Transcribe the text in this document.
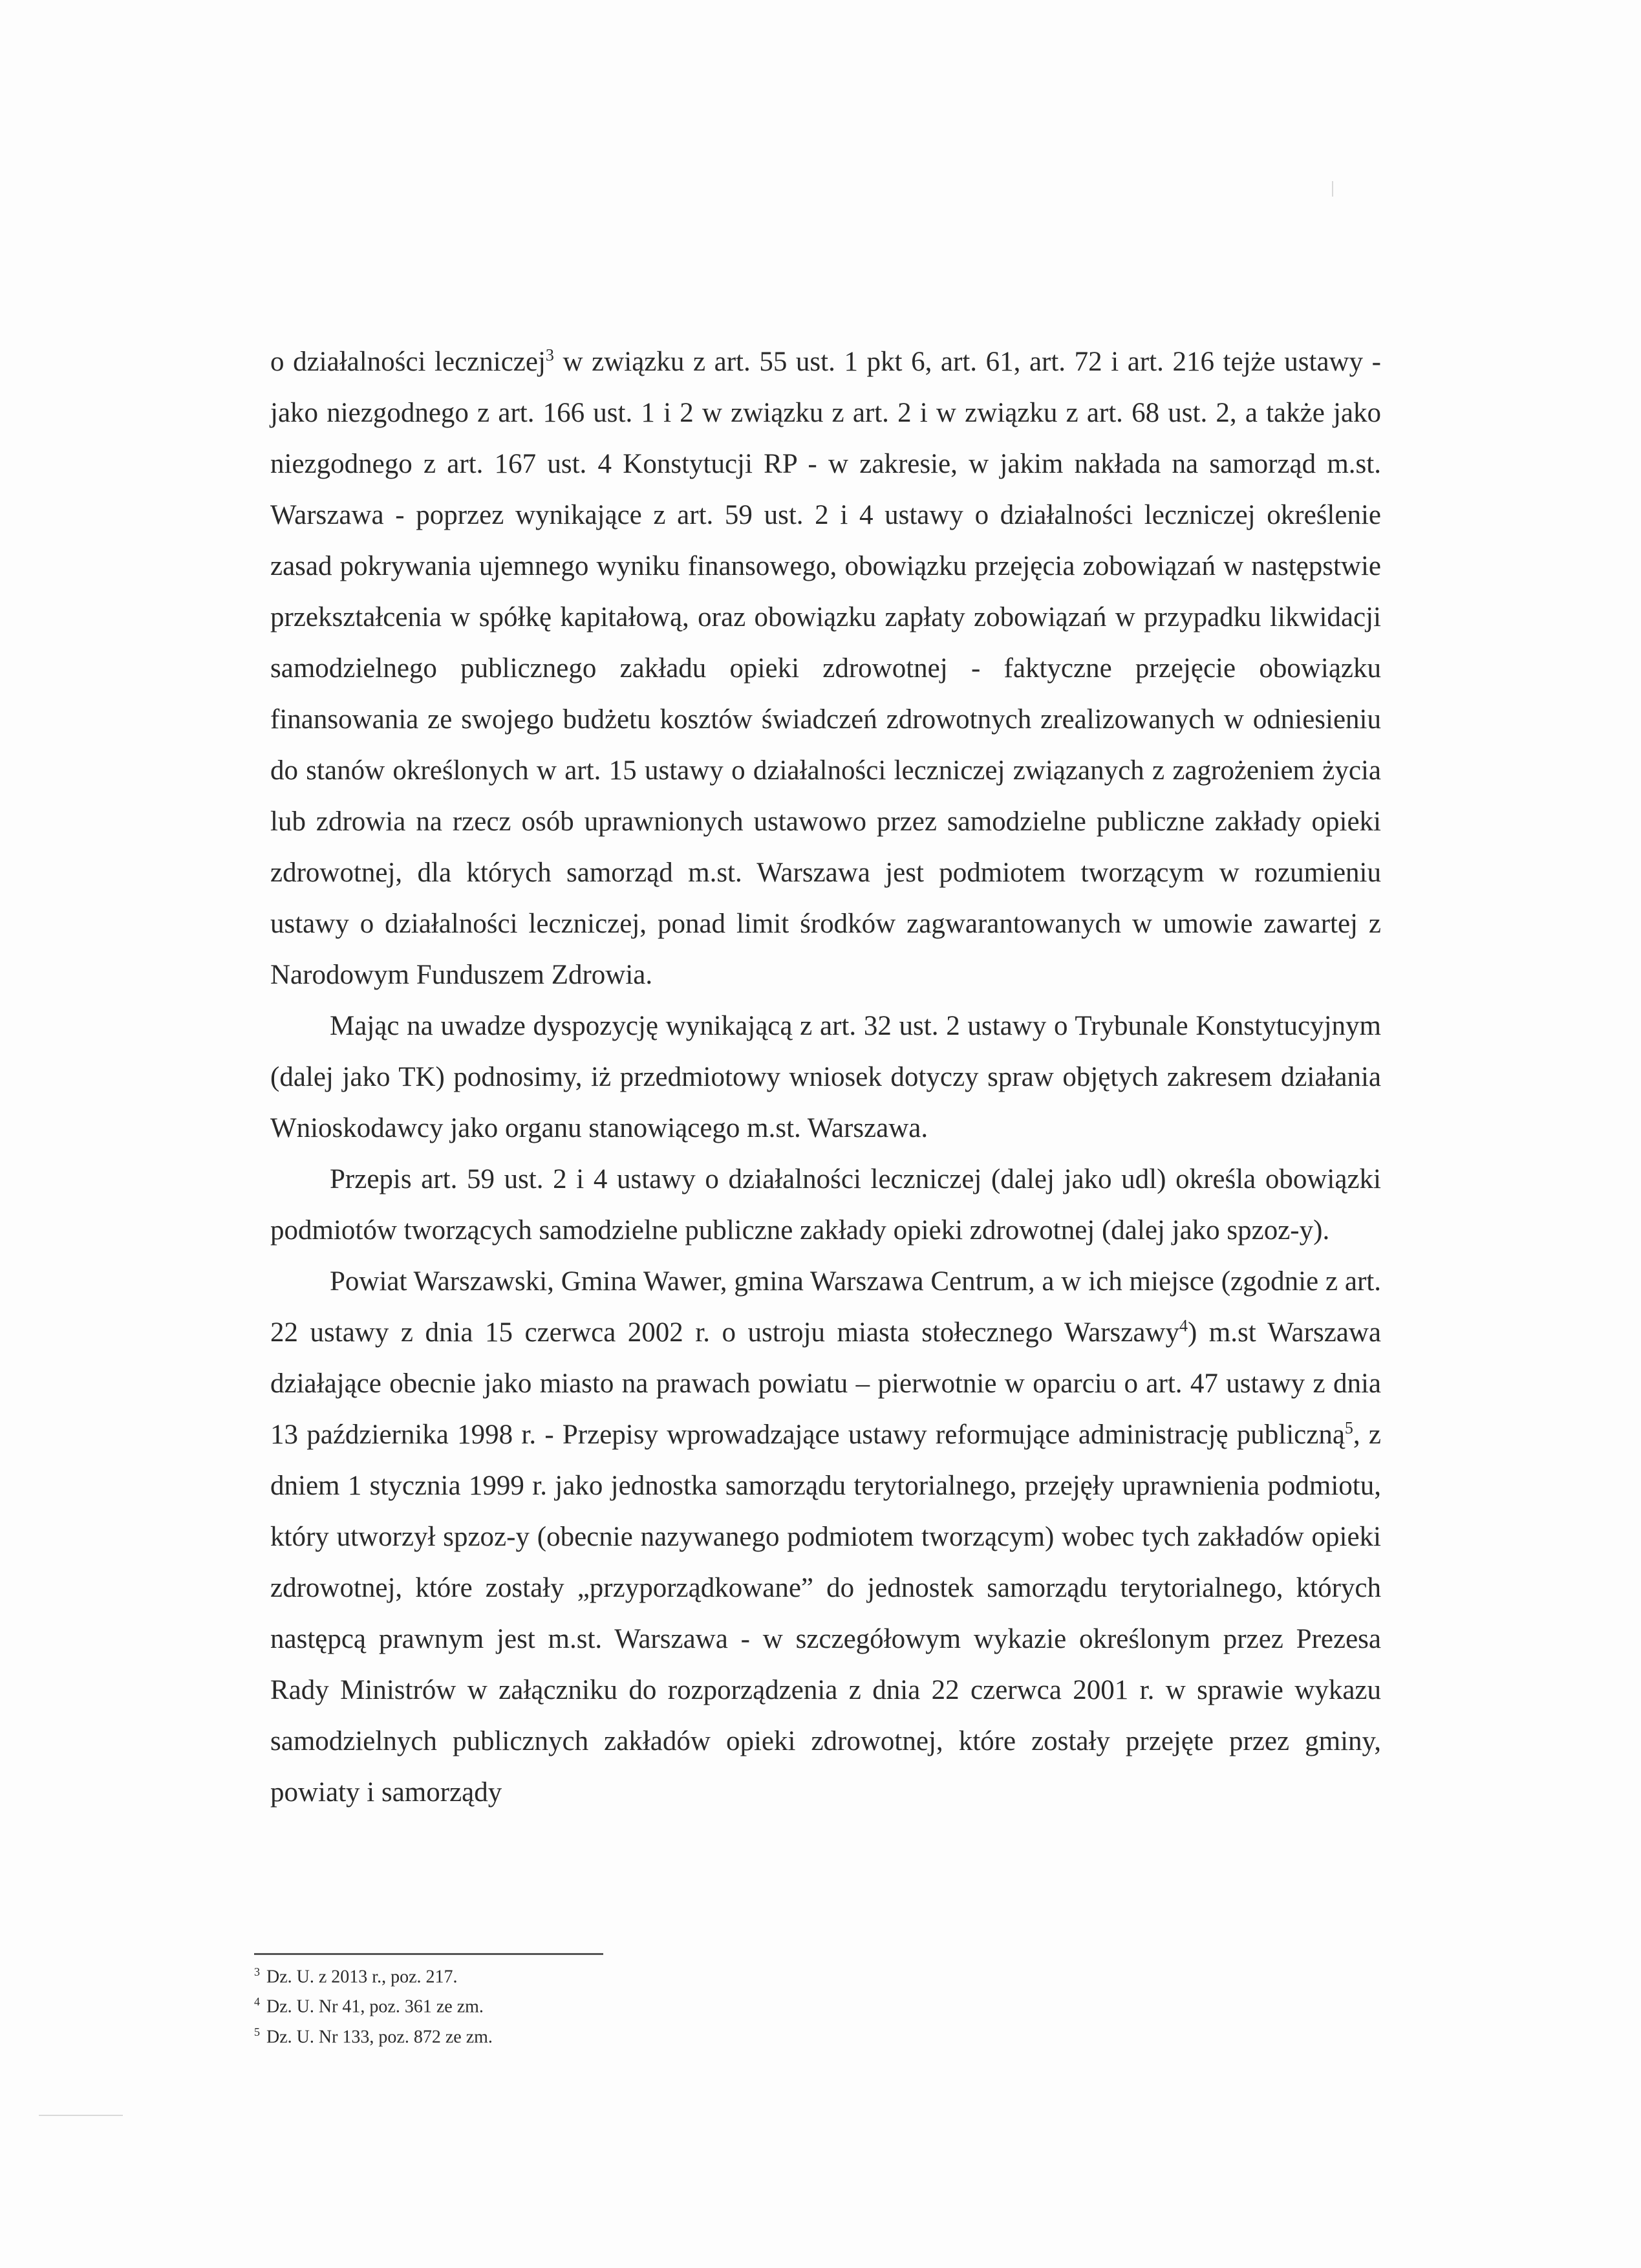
o działalności leczniczej$^3$ w związku z art. 55 ust. 1 pkt 6, art. 61, art. 72 i art. 216 tejże ustawy - jako niezgodnego z art. 166 ust. 1 i 2 w związku z art. 2 i w związku z art. 68 ust. 2, a także jako niezgodnego z art. 167 ust. 4 Konstytucji RP - w zakresie, w jakim nakłada na samorząd m.st. Warszawa - poprzez wynikające z art. 59 ust. 2 i 4 ustawy o działalności leczniczej określenie zasad pokrywania ujemnego wyniku finansowego, obowiązku przejęcia zobowiązań w następstwie przekształcenia w spółkę kapitałową, oraz obowiązku zapłaty zobowiązań w przypadku likwidacji samodzielnego publicznego zakładu opieki zdrowotnej - faktyczne przejęcie obowiązku finansowania ze swojego budżetu kosztów świadczeń zdrowotnych zrealizowanych w odniesieniu do stanów określonych w art. 15 ustawy o działalności leczniczej związanych z zagrożeniem życia lub zdrowia na rzecz osób uprawnionych ustawowo przez samodzielne publiczne zakłady opieki zdrowotnej, dla których samorząd m.st. Warszawa jest podmiotem tworzącym w rozumieniu ustawy o działalności leczniczej, ponad limit środków zagwarantowanych w umowie zawartej z Narodowym Funduszem Zdrowia.

Mając na uwadze dyspozycję wynikającą z art. 32 ust. 2 ustawy o Trybunale Konstytucyjnym (dalej jako TK) podnosimy, iż przedmiotowy wniosek dotyczy spraw objętych zakresem działania Wnioskodawcy jako organu stanowiącego m.st. Warszawa.

Przepis art. 59 ust. 2 i 4 ustawy o działalności leczniczej (dalej jako udl) określa obowiązki podmiotów tworzących samodzielne publiczne zakłady opieki zdrowotnej (dalej jako spzoz-y).

Powiat Warszawski, Gmina Wawer, gmina Warszawa Centrum, a w ich miejsce (zgodnie z art. 22 ustawy z dnia 15 czerwca 2002 r. o ustroju miasta stołecznego Warszawy$^4$) m.st Warszawa działające obecnie jako miasto na prawach powiatu – pierwotnie w oparciu o art. 47 ustawy z dnia 13 października 1998 r. - Przepisy wprowadzające ustawy reformujące administrację publiczną$^5$, z dniem 1 stycznia 1999 r. jako jednostka samorządu terytorialnego, przejęły uprawnienia podmiotu, który utworzył spzoz-y (obecnie nazywanego podmiotem tworzącym) wobec tych zakładów opieki zdrowotnej, które zostały „przyporządkowane” do jednostek samorządu terytorialnego, których następcą prawnym jest m.st. Warszawa - w szczegółowym wykazie określonym przez Prezesa Rady Ministrów w załączniku do rozporządzenia z dnia 22 czerwca 2001 r. w sprawie wykazu samodzielnych publicznych zakładów opieki zdrowotnej, które zostały przejęte przez gminy, powiaty i samorządy

$^3$ Dz. U. z 2013 r., poz. 217.
$^4$ Dz. U. Nr 41, poz. 361 ze zm.
$^5$ Dz. U. Nr 133, poz. 872 ze zm.
